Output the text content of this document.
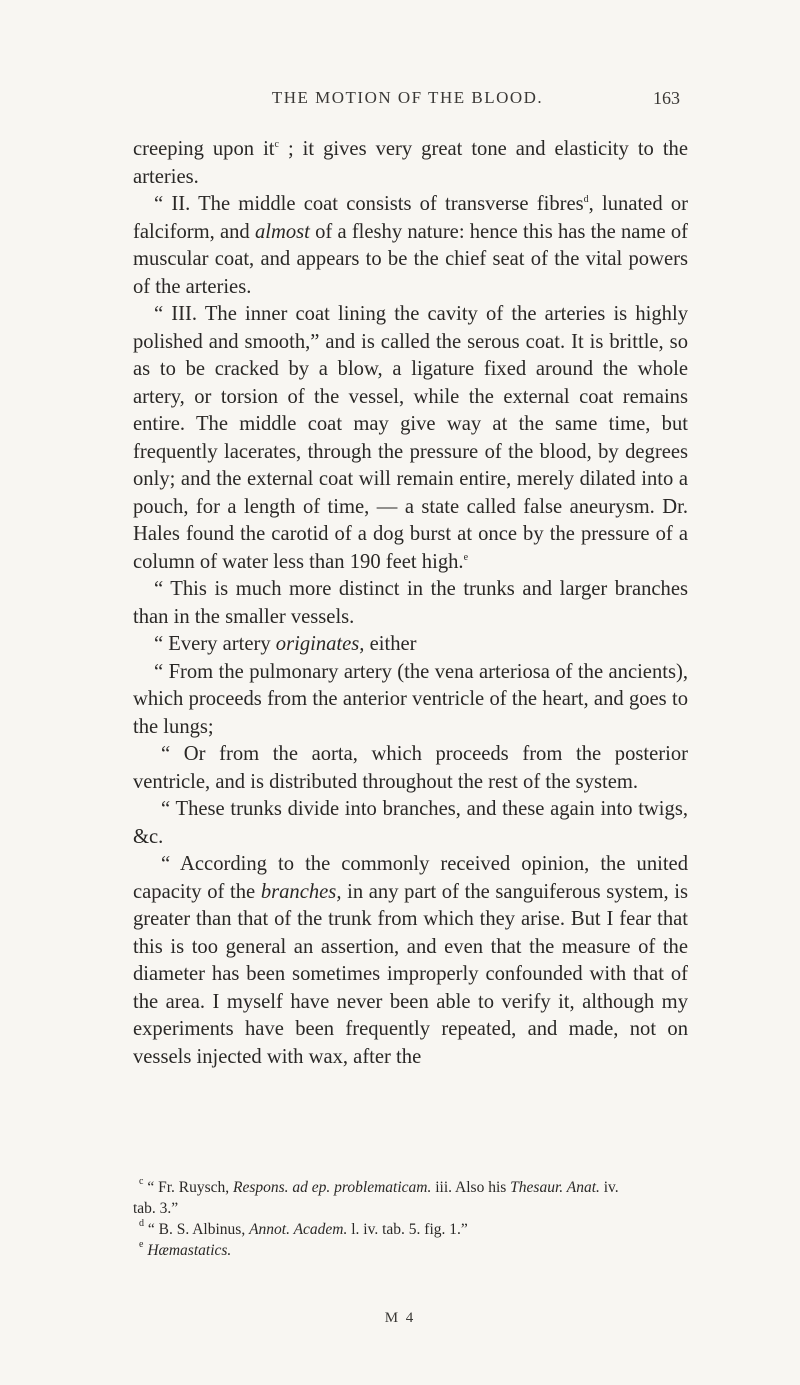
THE MOTION OF THE BLOOD.	163

creeping upon $it^c$ ; it gives very great tone and elasticity to the arteries.

“ II. The middle coat consists of transverse fibres$^d$, lunated or falciform, and almost of a fleshy nature: hence this has the name of muscular coat, and appears to be the chief seat of the vital powers of the arteries.

“ III. The inner coat lining the cavity of the arteries is highly polished and smooth,” and is called the serous coat. It is brittle, so as to be cracked by a blow, a ligature fixed around the whole artery, or torsion of the vessel, while the external coat remains entire. The middle coat may give way at the same time, but frequently lacerates, through the pressure of the blood, by degrees only; and the external coat will remain entire, merely dilated into a pouch, for a length of time, — a state called false aneurysm. Dr. Hales found the carotid of a dog burst at once by the pressure of a column of water less than 190 feet high.$^e$

“ This is much more distinct in the trunks and larger branches than in the smaller vessels.

“ Every artery originates, either

“ From the pulmonary artery (the vena arteriosa of the ancients), which proceeds from the anterior ventricle of the heart, and goes to the lungs;

“ Or from the aorta, which proceeds from the posterior ventricle, and is distributed throughout the rest of the system.

“ These trunks divide into branches, and these again into twigs, &c.

“ According to the commonly received opinion, the united capacity of the branches, in any part of the sanguiferous system, is greater than that of the trunk from which they arise. But I fear that this is too general an assertion, and even that the measure of the diameter has been sometimes improperly confounded with that of the area. I myself have never been able to verify it, although my experiments have been frequently repeated, and made, not on vessels injected with wax, after the

$^c$ “ Fr. Ruysch, Respons. ad ep. problematicam. iii. Also his Thesaur. Anat. iv.

tab. 3.”

$^d$ “ B. S. Albinus, Annot. Academ. l. iv. tab. 5. fig. 1.”

$^e$ Hæmastatics.

M 4
